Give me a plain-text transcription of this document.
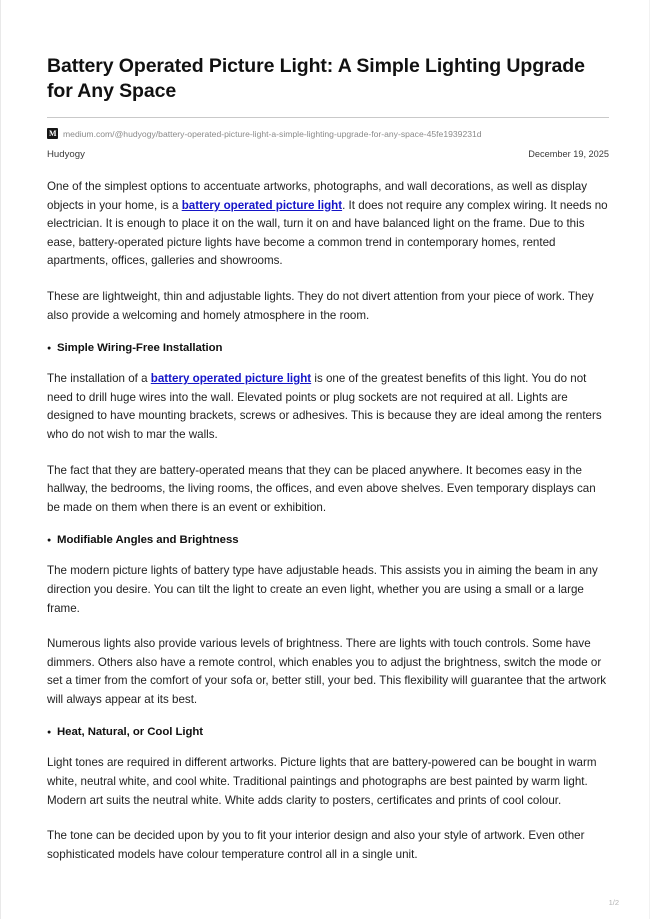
Battery Operated Picture Light: A Simple Lighting Upgrade for Any Space
M medium.com/@hudyogy/battery-operated-picture-light-a-simple-lighting-upgrade-for-any-space-45fe1939231d
Hudyogy	December 19, 2025

One of the simplest options to accentuate artworks, photographs, and wall decorations, as well as display objects in your home, is a battery operated picture light. It does not require any complex wiring. It needs no electrician. It is enough to place it on the wall, turn it on and have balanced light on the frame. Due to this ease, battery-operated picture lights have become a common trend in contemporary homes, rented apartments, offices, galleries and showrooms.

These are lightweight, thin and adjustable lights. They do not divert attention from your piece of work. They also provide a welcoming and homely atmosphere in the room.

● Simple Wiring-Free Installation

The installation of a battery operated picture light is one of the greatest benefits of this light. You do not need to drill huge wires into the wall. Elevated points or plug sockets are not required at all. Lights are designed to have mounting brackets, screws or adhesives. This is because they are ideal among the renters who do not wish to mar the walls.

The fact that they are battery-operated means that they can be placed anywhere. It becomes easy in the hallway, the bedrooms, the living rooms, the offices, and even above shelves. Even temporary displays can be made on them when there is an event or exhibition.

● Modifiable Angles and Brightness

The modern picture lights of battery type have adjustable heads. This assists you in aiming the beam in any direction you desire. You can tilt the light to create an even light, whether you are using a small or a large frame.

Numerous lights also provide various levels of brightness. There are lights with touch controls. Some have dimmers. Others also have a remote control, which enables you to adjust the brightness, switch the mode or set a timer from the comfort of your sofa or, better still, your bed. This flexibility will guarantee that the artwork will always appear at its best.

● Heat, Natural, or Cool Light

Light tones are required in different artworks. Picture lights that are battery-powered can be bought in warm white, neutral white, and cool white. Traditional paintings and photographs are best painted by warm light. Modern art suits the neutral white. White adds clarity to posters, certificates and prints of cool colour.

The tone can be decided upon by you to fit your interior design and also your style of artwork. Even other sophisticated models have colour temperature control all in a single unit.

1/2
